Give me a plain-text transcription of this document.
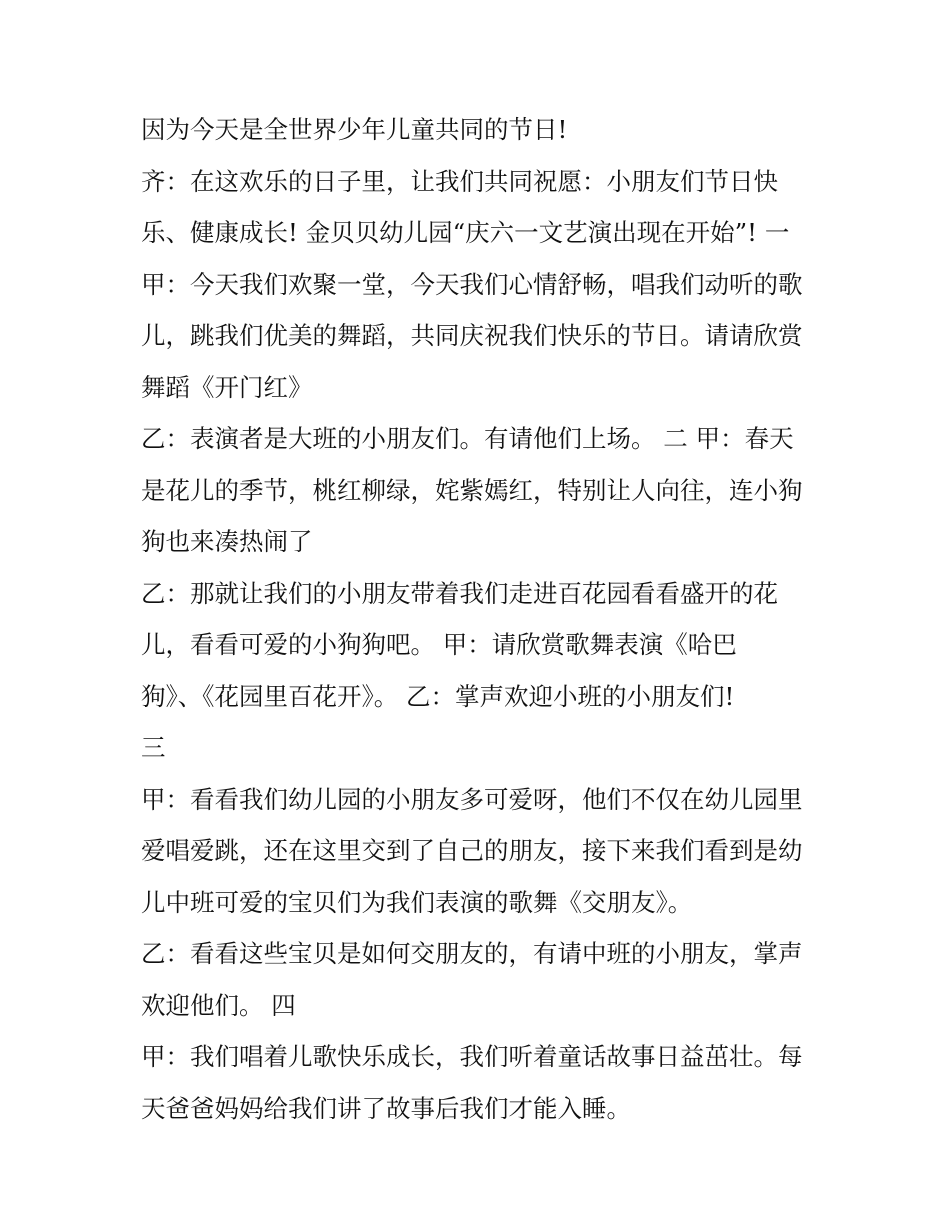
因为今天是全世界少年儿童共同的节日!
齐：在这欢乐的日子里，让我们共同祝愿：小朋友们节日快
乐、健康成长! 金贝贝幼儿园“庆六一文艺演出现在开始”! 一
甲：今天我们欢聚一堂，今天我们心情舒畅，唱我们动听的歌
儿，跳我们优美的舞蹈，共同庆祝我们快乐的节日。请请欣赏
舞蹈《开门红》
乙：表演者是大班的小朋友们。有请他们上场。 二 甲：春天
是花儿的季节，桃红柳绿，姹紫嫣红，特别让人向往，连小狗
狗也来凑热闹了
乙：那就让我们的小朋友带着我们走进百花园看看盛开的花
儿，看看可爱的小狗狗吧。 甲：请欣赏歌舞表演《哈巴
狗》、《花园里百花开》。 乙：掌声欢迎小班的小朋友们!
三
甲：看看我们幼儿园的小朋友多可爱呀，他们不仅在幼儿园里
爱唱爱跳，还在这里交到了自己的朋友，接下来我们看到是幼
儿中班可爱的宝贝们为我们表演的歌舞《交朋友》。
乙：看看这些宝贝是如何交朋友的，有请中班的小朋友，掌声
欢迎他们。 四
甲：我们唱着儿歌快乐成长，我们听着童话故事日益茁壮。每
天爸爸妈妈给我们讲了故事后我们才能入睡。
